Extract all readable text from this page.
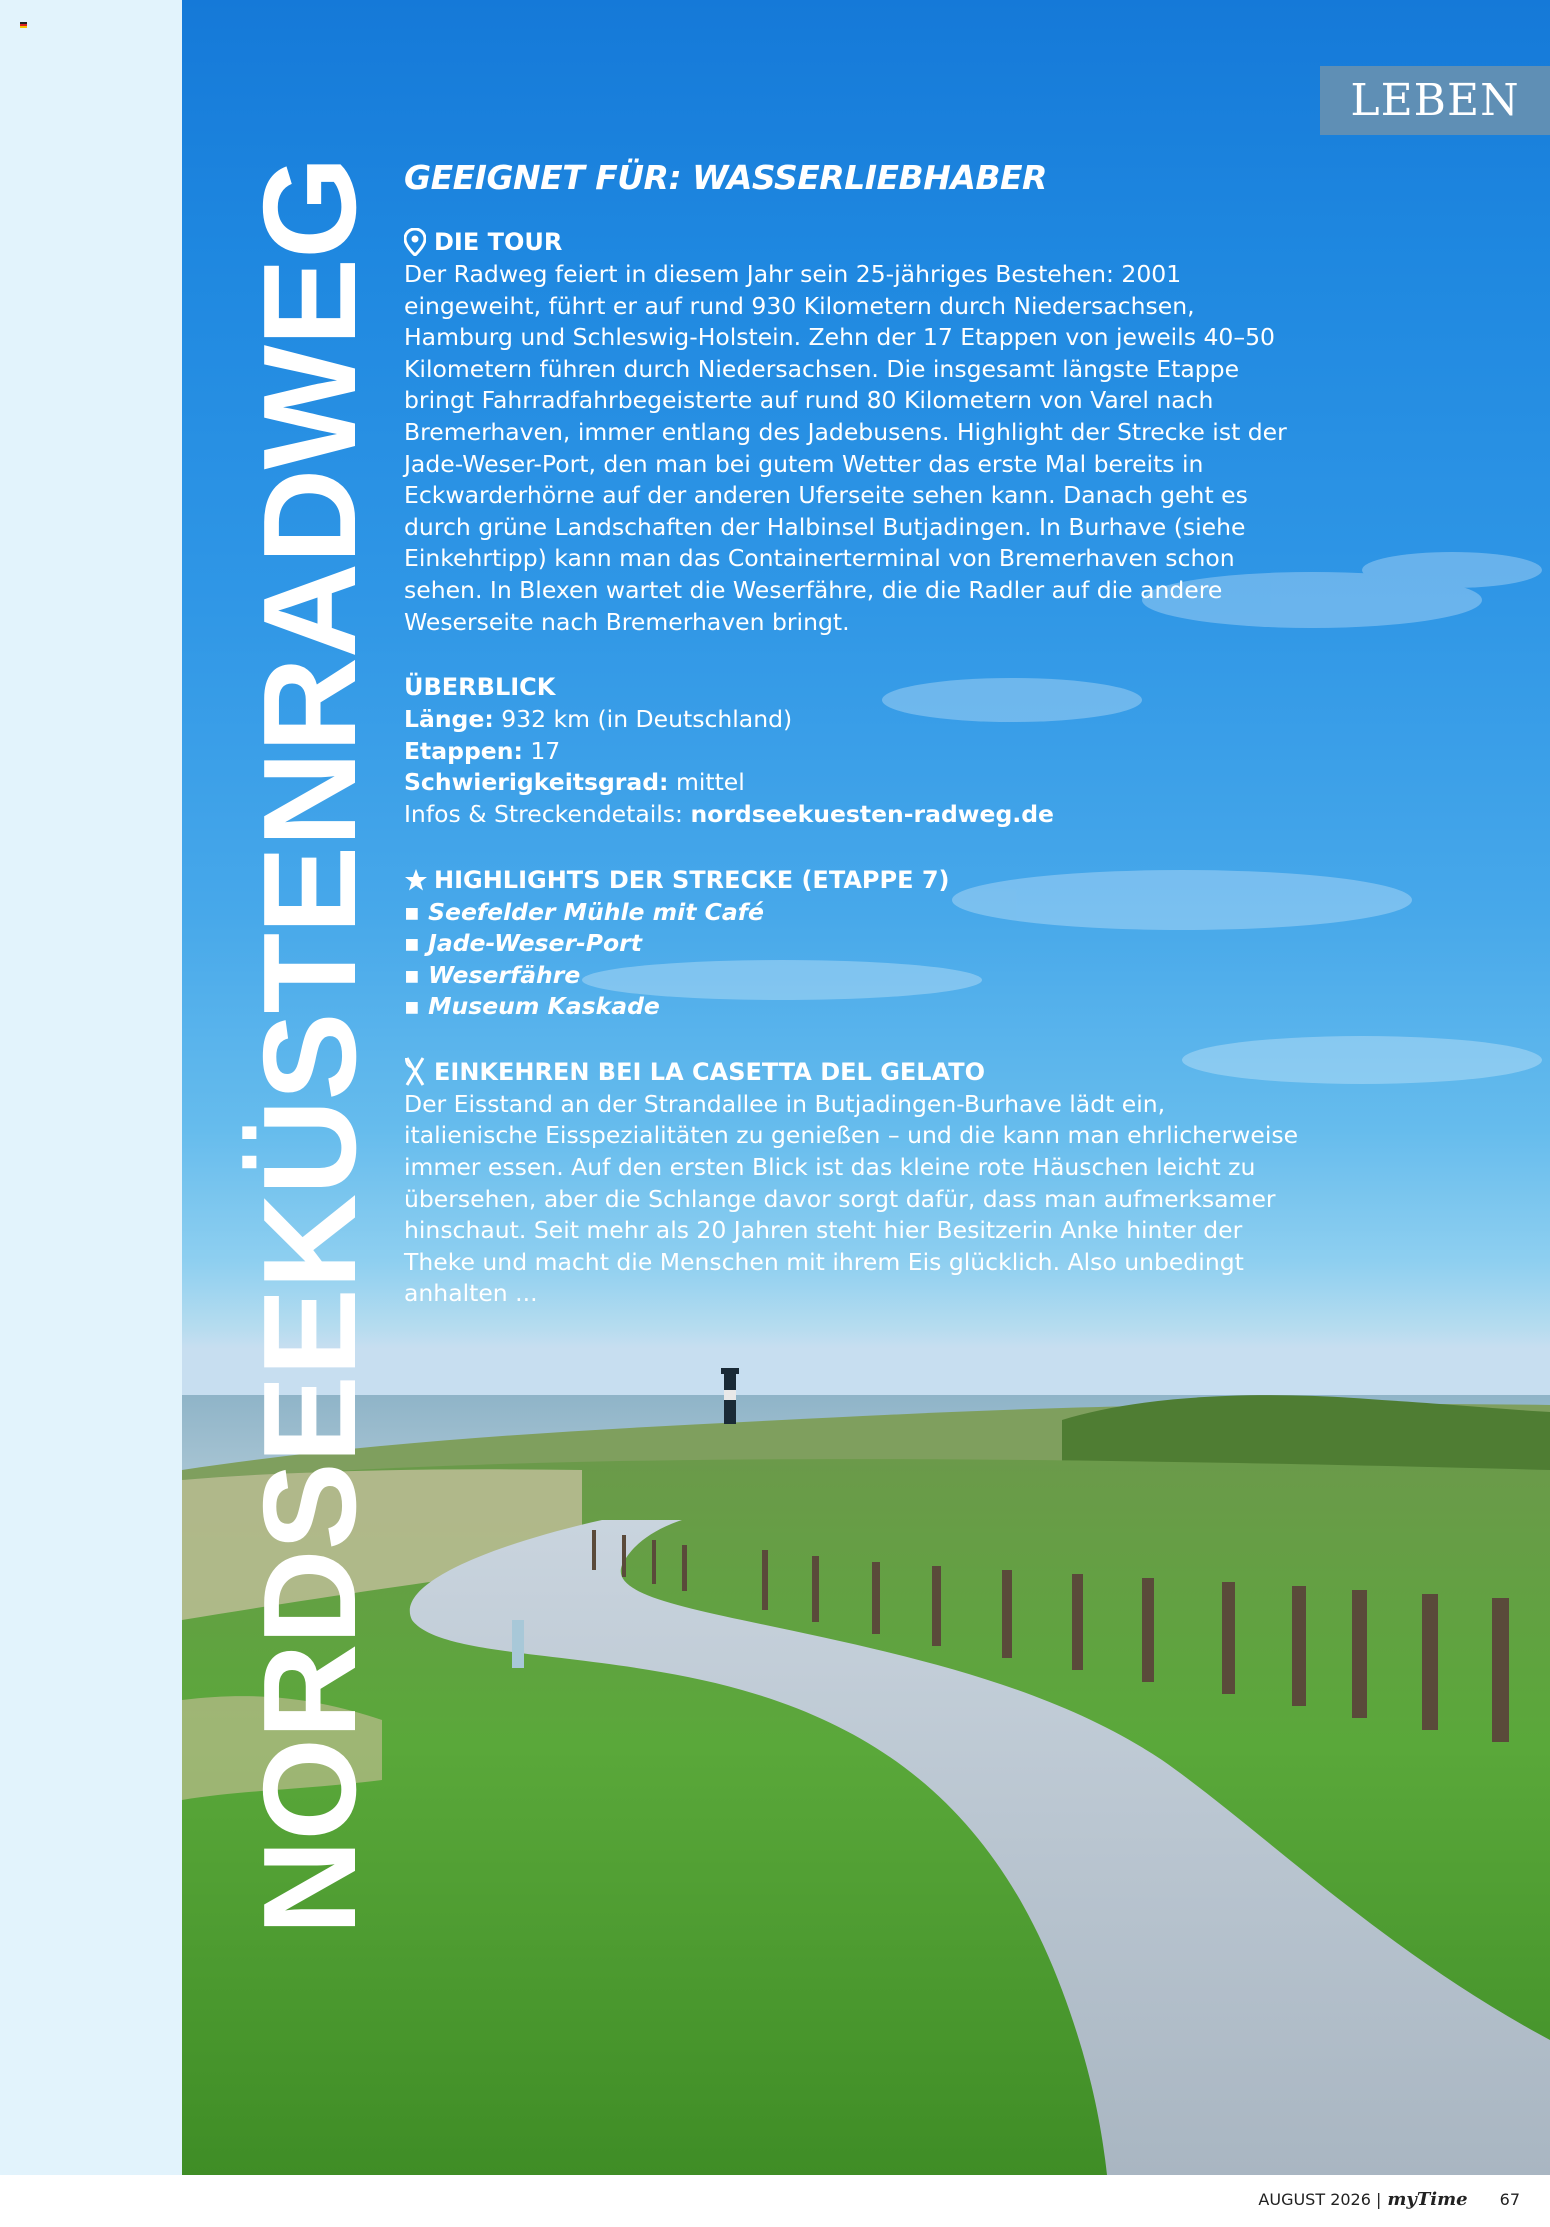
LEBEN
NORDSEEKÜSTENRADWEG GEEIGNET FÜR: WASSERLIEBHABER

DIE TOUR

Der Radweg feiert in diesem Jahr sein 25-jähriges Bestehen: 2001 eingeweiht, führt er auf rund 930 Kilometern durch Niedersachsen, Hamburg und Schleswig-Holstein. Zehn der 17 Etappen von jeweils 40–50 Kilometern führen durch Niedersachsen. Die insgesamt längste Etappe bringt Fahrradfahrbegeisterte auf rund 80 Kilometern von Varel nach Bremerhaven, immer entlang des Jadebusens. Highlight der Strecke ist der Jade-Weser-Port, den man bei gutem Wetter das erste Mal bereits in Eckwarderhörne auf der anderen Uferseite sehen kann. Danach geht es durch grüne Landschaften der Halbinsel Butjadingen. In Burhave (siehe Einkehrtipp) kann man das Containerterminal von Bremerhaven schon sehen. In Blexen wartet die Weserfähre, die die Radler auf die andere Weserseite nach Bremerhaven bringt.

ÜBERBLICK

Länge: 932 km (in Deutschland)

Etappen: 17

Schwierigkeitsgrad: mittel

Infos & Streckendetails: nordseekuesten-radweg.de

HIGHLIGHTS DER STRECKE (ETAPPE 7)

▪ Seefelder Mühle mit Café

▪ Jade-Weser-Port

▪ Weserfähre

▪ Museum Kaskade

EINKEHREN BEI LA CASETTA DEL GELATO

Der Eisstand an der Strandallee in Butjadingen-Burhave lädt ein, italienische Eisspezialitäten zu genießen – und die kann man ehrlicherweise immer essen. Auf den ersten Blick ist das kleine rote Häuschen leicht zu übersehen, aber die Schlange davor sorgt dafür, dass man aufmerksamer hinschaut. Seit mehr als 20 Jahren steht hier Besitzerin Anke hinter der Theke und macht die Menschen mit ihrem Eis glücklich. Also unbedingt anhalten ...

AUGUST 2026 | myTime 67
